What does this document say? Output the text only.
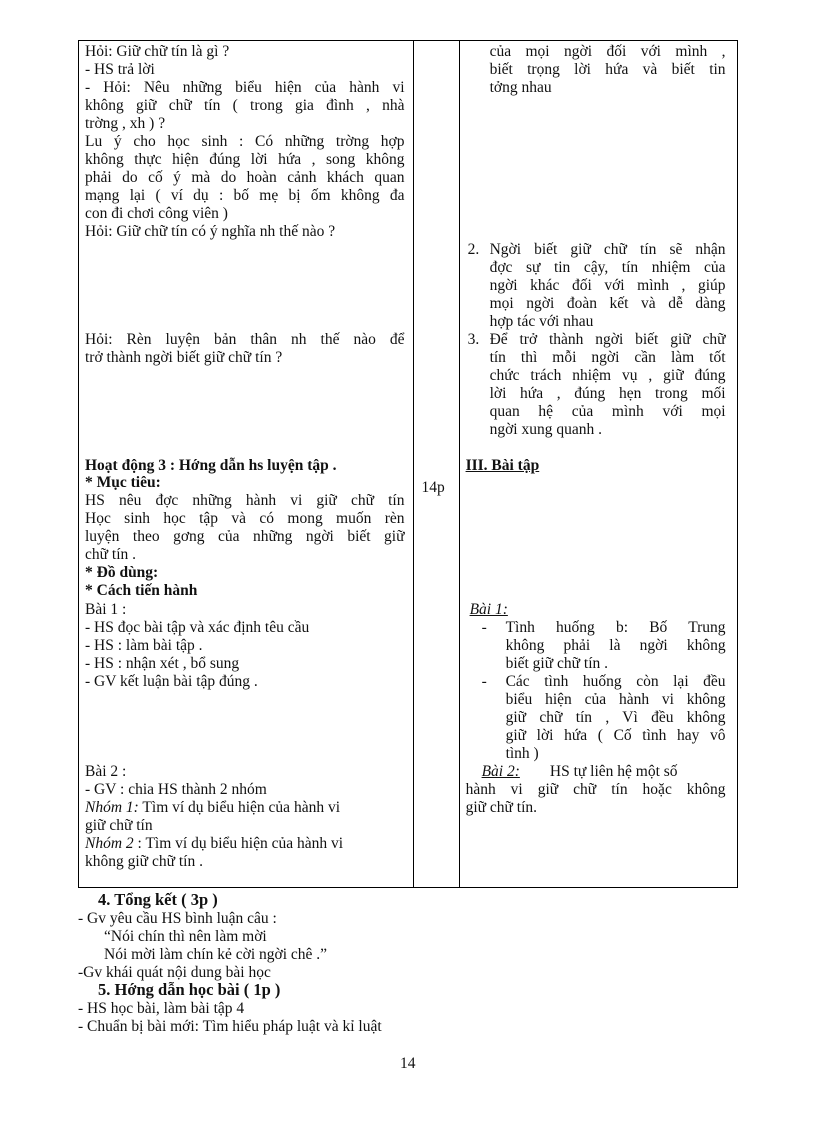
Hỏi: Giữ chữ tín là gì ?
- HS trả lời
- Hỏi: Nêu những biểu hiện của hành vi
không giữ chữ tín ( trong gia đình , nhà
trờng , xh ) ?
Lu ý cho học sinh : Có những trờng hợp
không thực hiện đúng lời hứa , song không
phải do cố ý mà do hoàn cảnh khách quan
mạng lại ( ví dụ : bố mẹ bị ốm không đa
con đi chơi công viên )
Hỏi: Giữ chữ tín có ý nghĩa nh thế nào ?
Hỏi: Rèn luyện bản thân nh thế nào để
trở thành ngời biết giữ chữ tín ?
Hoạt động 3 : Hớng dẫn hs luyện tập .
* Mục tiêu:
HS nêu đợc những hành vi giữ chữ tín
Học sinh học tập và có mong muốn rèn
luyện theo gơng của những ngời biết giữ
chữ tín .
* Đồ dùng:
* Cách tiến hành
Bài 1 :
- HS đọc bài tập và xác định têu cầu
- HS : làm bài tập .
- HS : nhận xét , bổ sung
- GV kết luận bài tập đúng .
Bài 2 :
- GV : chia HS thành 2 nhóm
Nhóm 1: Tìm ví dụ biểu hiện của hành vi
giữ chữ tín
Nhóm 2 : Tìm ví dụ biểu hiện của hành vi
không giữ chữ tín .

14p

của mọi ngời đối với mình ,
biết trọng lời hứa và biết tin
tởng nhau
2. Ngời biết giữ chữ tín sẽ nhận
đợc sự tin cậy, tín nhiệm của
ngời khác đối với mình , giúp
mọi ngời đoàn kết và dễ dàng
hợp tác với nhau
3. Để trở thành ngời biết giữ chữ
tín thì mỗi ngời cần làm tốt
chức trách nhiệm vụ , giữ đúng
lời hứa , đúng hẹn trong mối
quan hệ của mình với mọi
ngời xung quanh .
III. Bài tập
Bài 1:
- Tình huống b: Bố Trung
không phải là ngời không
biết giữ chữ tín .
- Các tình huống còn lại đều
biểu hiện của hành vi không
giữ chữ tín , Vì đều không
giữ lời hứa ( Cố tình hay vô
tình )
Bài 2: HS tự liên hệ một số
hành vi giữ chữ tín hoặc không
giữ chữ tín.
4. Tổng kết ( 3p )
- Gv yêu cầu HS bình luận câu :
“Nói chín thì nên làm mời
Nói mời làm chín kẻ cời ngời chê .”
-Gv khái quát nội dung bài học
5. Hớng dẫn học bài ( 1p )
- HS học bài, làm bài tập 4
- Chuẩn bị bài mới: Tìm hiểu pháp luật và kỉ luật
14
